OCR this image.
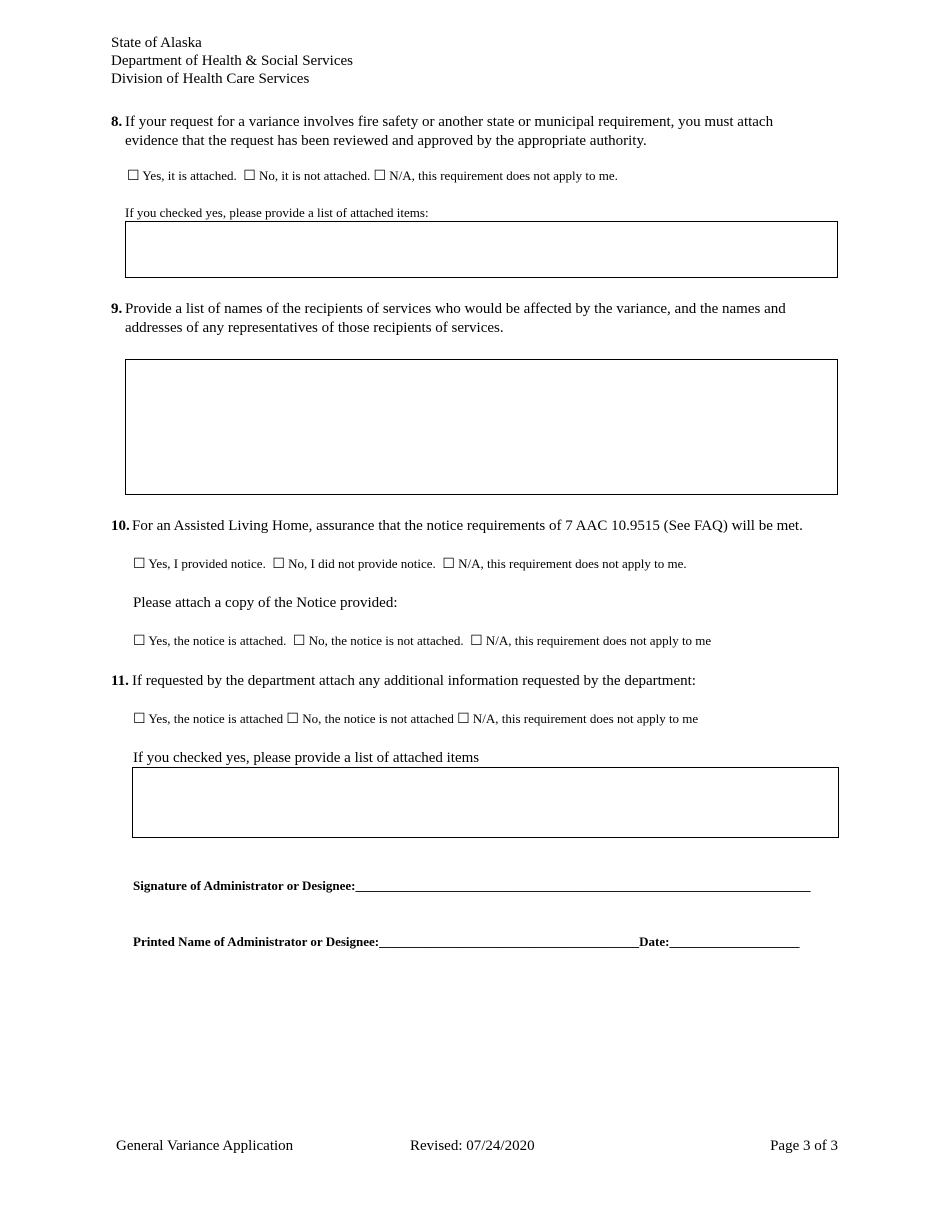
State of Alaska
Department of Health & Social Services
Division of Health Care Services
8. If your request for a variance involves fire safety or another state or municipal requirement, you must attach
evidence that the request has been reviewed and approved by the appropriate authority.
☐ Yes, it is attached. ☐ No, it is not attached. ☐ N/A, this requirement does not apply to me.
If you checked yes, please provide a list of attached items:
9. Provide a list of names of the recipients of services who would be affected by the variance, and the names and
addresses of any representatives of those recipients of services.
10. For an Assisted Living Home, assurance that the notice requirements of 7 AAC 10.9515 (See FAQ) will be met.
☐ Yes, I provided notice. ☐ No, I did not provide notice. ☐ N/A, this requirement does not apply to me.
Please attach a copy of the Notice provided:
☐ Yes, the notice is attached. ☐ No, the notice is not attached. ☐ N/A, this requirement does not apply to me
11. If requested by the department attach any additional information requested by the department:
☐ Yes, the notice is attached ☐ No, the notice is not attached ☐ N/A, this requirement does not apply to me
If you checked yes, please provide a list of attached items
Signature of Administrator or Designee:______________________________________________________________________
Printed Name of Administrator or Designee:________________________________________Date:____________________
General Variance Application	Revised: 07/24/2020	Page 3 of 3
